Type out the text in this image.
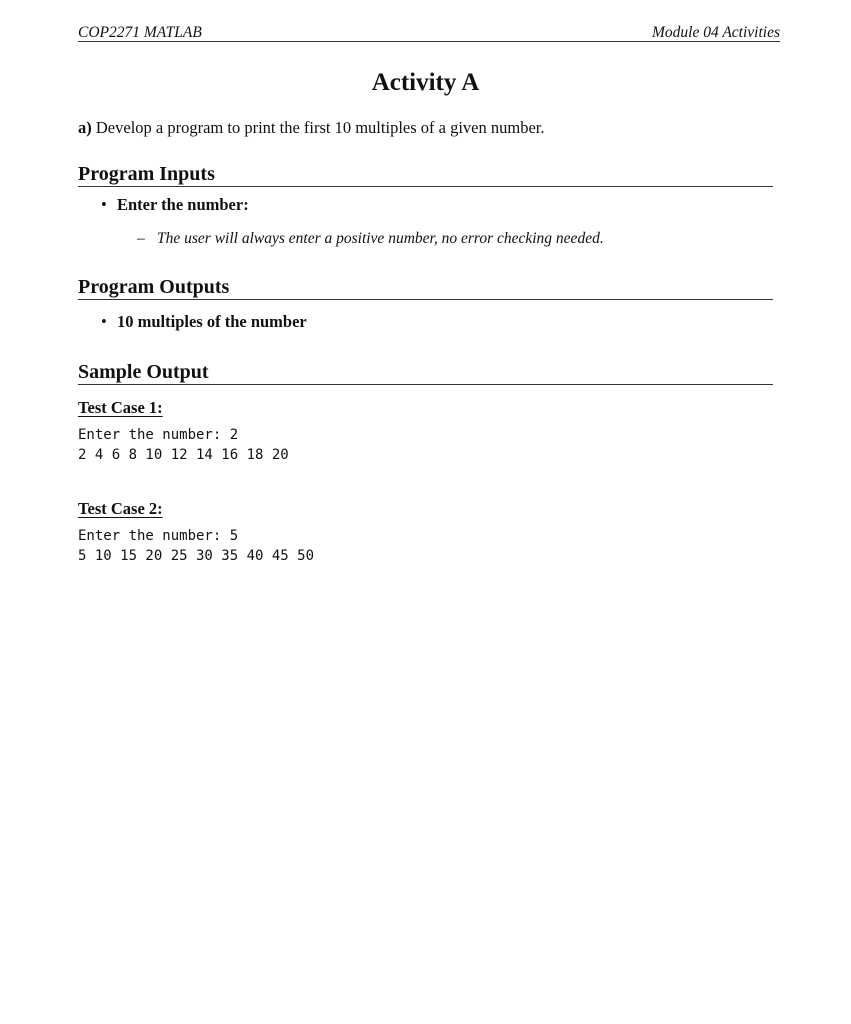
COP2271 MATLAB	Module 04 Activities
Activity A
a) Develop a program to print the first 10 multiples of a given number.
Program Inputs
• Enter the number:
– The user will always enter a positive number, no error checking needed.
Program Outputs
• 10 multiples of the number
Sample Output
Test Case 1:
Enter the number: 2
2 4 6 8 10 12 14 16 18 20
Test Case 2:
Enter the number: 5
5 10 15 20 25 30 35 40 45 50
